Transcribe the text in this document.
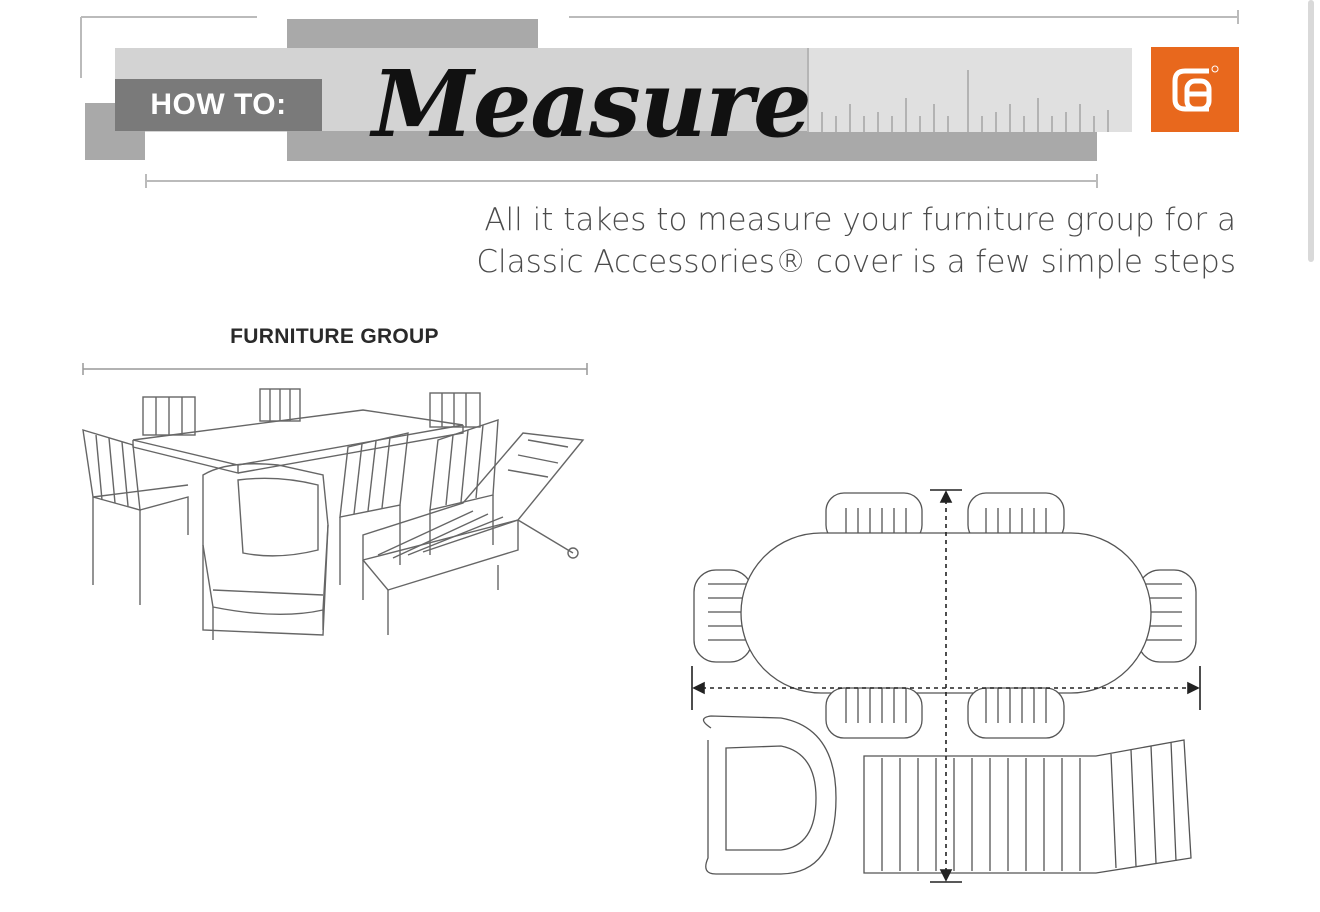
HOW TO: Measure
All it takes to measure your furniture group for a
Classic Accessories® cover is a few simple steps
FURNITURE GROUP
